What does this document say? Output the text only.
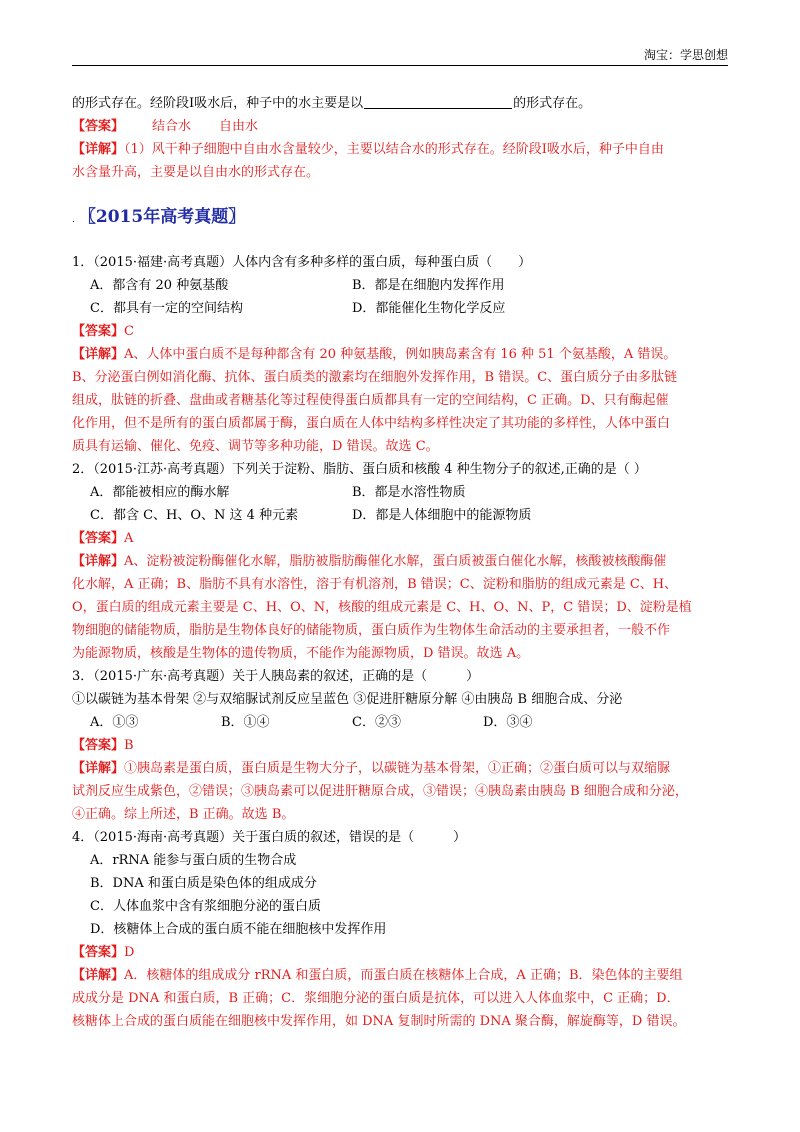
淘宝：学思创想
的形式存在。经阶段Ⅰ吸水后，种子中的水主要是以	的形式存在。
【答案】 结合水 自由水
【详解】（1）风干种子细胞中自由水含量较少，主要以结合水的形式存在。经阶段Ⅰ吸水后，种子中自由
水含量升高，主要是以自由水的形式存在。
. 〖2015年高考真题〗
1．（2015·福建·高考真题）人体内含有多种多样的蛋白质，每种蛋白质（　　）
A．都含有 20 种氨基酸	B．都是在细胞内发挥作用
C．都具有一定的空间结构	D．都能催化生物化学反应
【答案】C
【详解】A、人体中蛋白质不是每种都含有 20 种氨基酸，例如胰岛素含有 16 种 51 个氨基酸，A 错误。
B、分泌蛋白例如消化酶、抗体、蛋白质类的激素均在细胞外发挥作用，B 错误。C、蛋白质分子由多肽链
组成，肽链的折叠、盘曲或者糖基化等过程使得蛋白质都具有一定的空间结构，C 正确。D、只有酶起催
化作用，但不是所有的蛋白质都属于酶，蛋白质在人体中结构多样性决定了其功能的多样性，人体中蛋白
质具有运输、催化、免疫、调节等多种功能，D 错误。故选 C。
2．（2015·江苏·高考真题）下列关于淀粉、脂肪、蛋白质和核酸 4 种生物分子的叙述,正确的是（ ）
A．都能被相应的酶水解	B．都是水溶性物质
C．都含 C、H、O、N 这 4 种元素	D．都是人体细胞中的能源物质
【答案】A
【详解】A、淀粉被淀粉酶催化水解，脂肪被脂肪酶催化水解，蛋白质被蛋白催化水解，核酸被核酸酶催
化水解，A 正确；B、脂肪不具有水溶性，溶于有机溶剂，B 错误；C、淀粉和脂肪的组成元素是 C、H、
O，蛋白质的组成元素主要是 C、H、O、N，核酸的组成元素是 C、H、O、N、P，C 错误；D、淀粉是植
物细胞的储能物质，脂肪是生物体良好的储能物质，蛋白质作为生物体生命活动的主要承担者，一般不作
为能源物质，核酸是生物体的遗传物质，不能作为能源物质，D 错误。故选 A。
3．（2015·广东·高考真题）关于人胰岛素的叙述，正确的是（　　　）
①以碳链为基本骨架 ②与双缩脲试剂反应呈蓝色 ③促进肝糖原分解 ④由胰岛 B 细胞合成、分泌
A．①③	B．①④	C．②③	D．③④
【答案】B
【详解】①胰岛素是蛋白质，蛋白质是生物大分子，以碳链为基本骨架，①正确；②蛋白质可以与双缩脲
试剂反应生成紫色，②错误；③胰岛素可以促进肝糖原合成，③错误；④胰岛素由胰岛 B 细胞合成和分泌，
④正确。综上所述，B 正确。故选 B。
4．（2015·海南·高考真题）关于蛋白质的叙述，错误的是（　　　）
A．rRNA 能参与蛋白质的生物合成
B．DNA 和蛋白质是染色体的组成成分
C．人体血浆中含有浆细胞分泌的蛋白质
D．核糖体上合成的蛋白质不能在细胞核中发挥作用
【答案】D
【详解】A．核糖体的组成成分 rRNA 和蛋白质，而蛋白质在核糖体上合成，A 正确；B．染色体的主要组
成成分是 DNA 和蛋白质，B 正确；C．浆细胞分泌的蛋白质是抗体，可以进入人体血浆中，C 正确；D．
核糖体上合成的蛋白质能在细胞核中发挥作用，如 DNA 复制时所需的 DNA 聚合酶，解旋酶等，D 错误。
